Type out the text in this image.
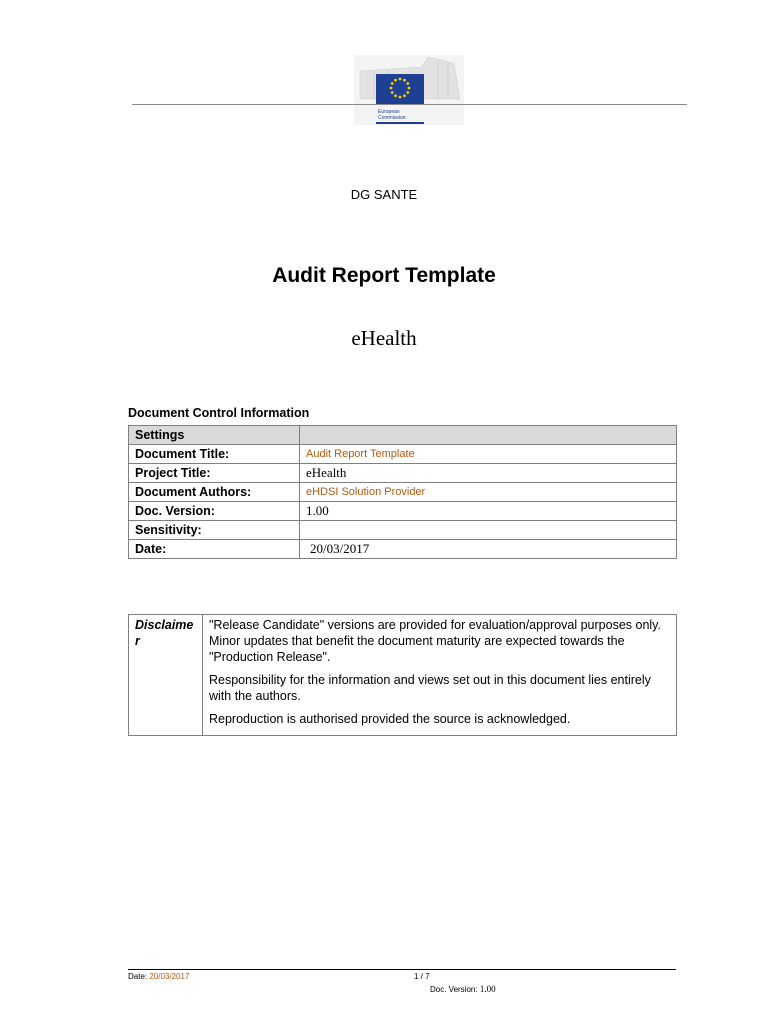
European
Commission
DG SANTE
Audit Report Template
eHealth
Document Control Information
Settings	
Document Title:	Audit Report Template
Project Title:	eHealth
Document Authors:	eHDSI Solution Provider
Doc. Version:	1.00
Sensitivity:	
Date:	20/03/2017
Disclaime r	

"Release Candidate" versions are provided for evaluation/approval purposes only. Minor updates that benefit the document maturity are expected towards the "Production Release".

Responsibility for the information and views set out in this document lies entirely with the authors.

Reproduction is authorised provided the source is acknowledged.

Date: 20/03/2017	1 / 7
Doc. Version: 1.00
